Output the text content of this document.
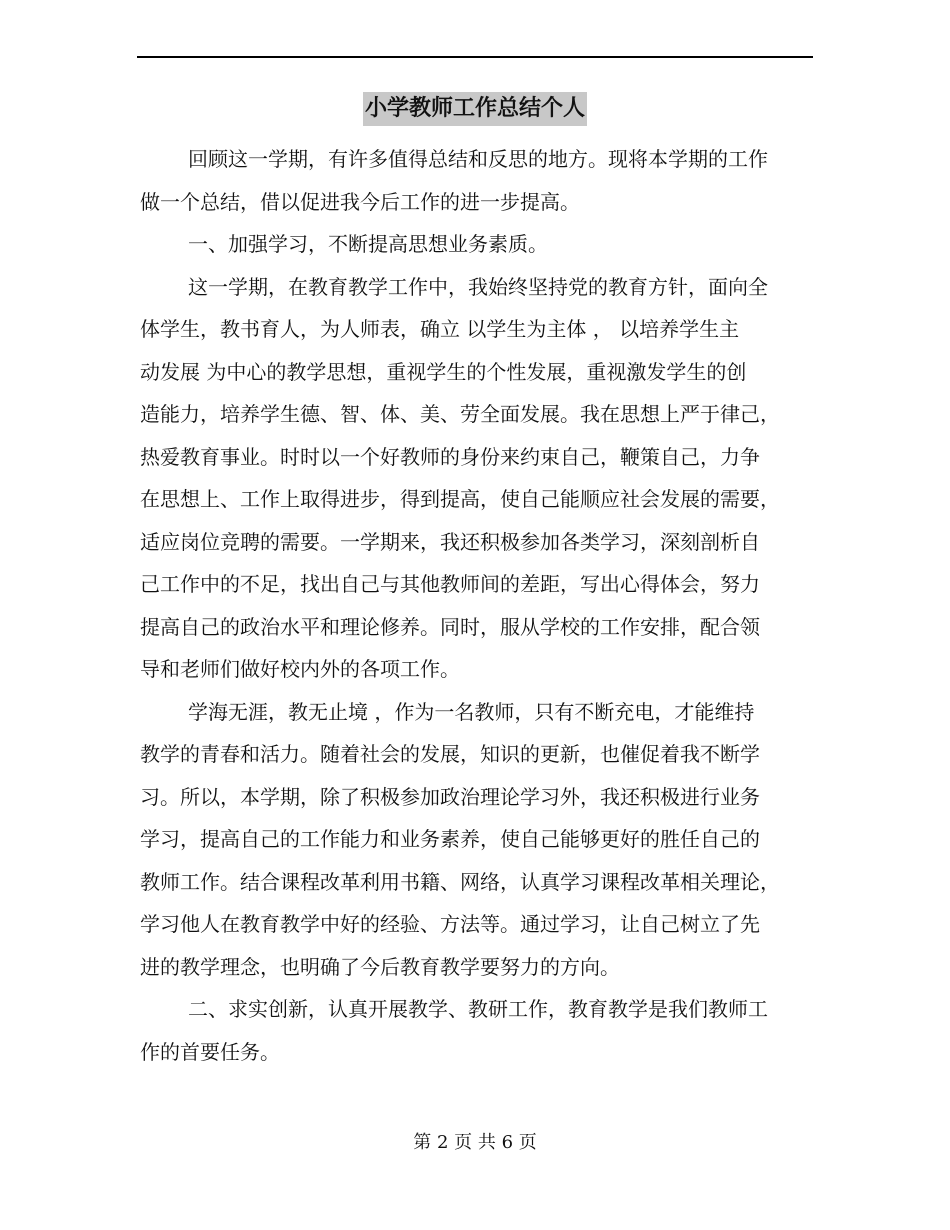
小学教师工作总结个人
回顾这一学期，有许多值得总结和反思的地方。现将本学期的工作
做一个总结，借以促进我今后工作的进一步提高。
一、加强学习，不断提高思想业务素质。
这一学期，在教育教学工作中，我始终坚持党的教育方针，面向全
体学生，教书育人，为人师表，确立 以学生为主体 ， 以培养学生主
动发展 为中心的教学思想，重视学生的个性发展，重视激发学生的创
造能力，培养学生德、智、体、美、劳全面发展。我在思想上严于律己，
热爱教育事业。时时以一个好教师的身份来约束自己，鞭策自己，力争
在思想上、工作上取得进步，得到提高，使自己能顺应社会发展的需要，
适应岗位竞聘的需要。一学期来，我还积极参加各类学习，深刻剖析自
己工作中的不足，找出自己与其他教师间的差距，写出心得体会，努力
提高自己的政治水平和理论修养。同时，服从学校的工作安排，配合领
导和老师们做好校内外的各项工作。
学海无涯，教无止境 ，作为一名教师，只有不断充电，才能维持
教学的青春和活力。随着社会的发展，知识的更新，也催促着我不断学
习。所以，本学期，除了积极参加政治理论学习外，我还积极进行业务
学习，提高自己的工作能力和业务素养，使自己能够更好的胜任自己的
教师工作。结合课程改革利用书籍、网络，认真学习课程改革相关理论，
学习他人在教育教学中好的经验、方法等。通过学习，让自己树立了先
进的教学理念，也明确了今后教育教学要努力的方向。
二、求实创新，认真开展教学、教研工作，教育教学是我们教师工
作的首要任务。
第 2 页 共 6 页
